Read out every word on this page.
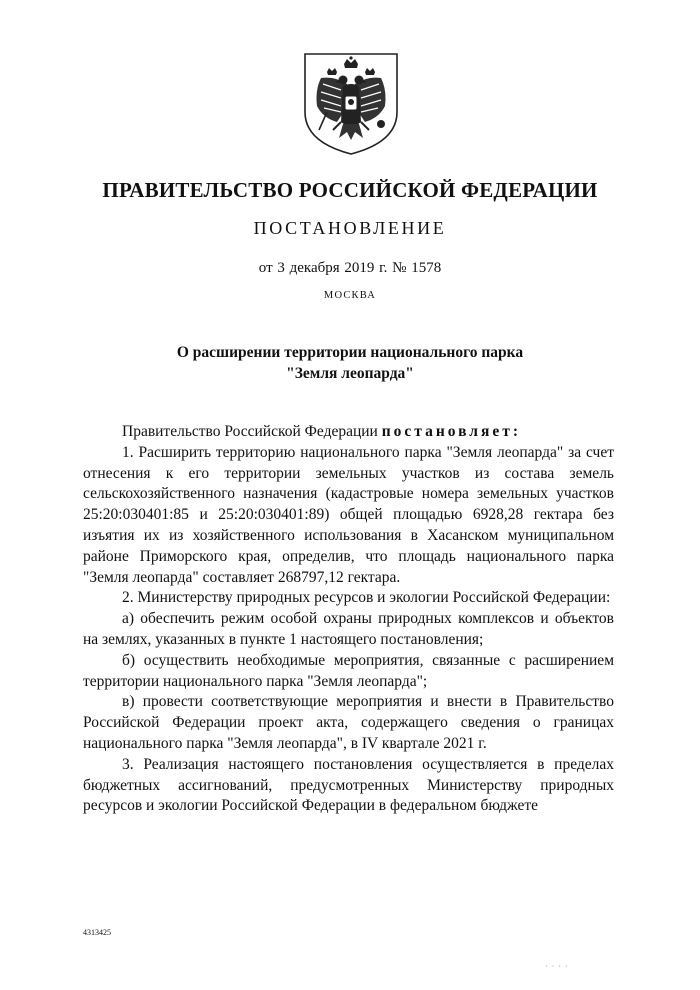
ПРАВИТЕЛЬСТВО РОССИЙСКОЙ ФЕДЕРАЦИИ
ПОСТАНОВЛЕНИЕ
от 3 декабря 2019 г. № 1578
МОСКВА
О расширении территории национального парка
"Земля леопарда"

Правительство Российской Федерации постановляет:

1. Расширить территорию национального парка "Земля леопарда" за счет отнесения к его территории земельных участков из состава земель сельскохозяйственного назначения (кадастровые номера земельных участков 25:20:030401:85 и 25:20:030401:89) общей площадью 6928,28 гектара без изъятия их из хозяйственного использования в Хасанском муниципальном районе Приморского края, определив, что площадь национального парка "Земля леопарда" составляет 268797,12 гектара.

2. Министерству природных ресурсов и экологии Российской Федерации:

а) обеспечить режим особой охраны природных комплексов и объектов на землях, указанных в пункте 1 настоящего постановления;

б) осуществить необходимые мероприятия, связанные с расширением территории национального парка "Земля леопарда";

в) провести соответствующие мероприятия и внести в Правительство Российской Федерации проект акта, содержащего сведения о границах национального парка "Земля леопарда", в IV квартале 2021 г.

3. Реализация настоящего постановления осуществляется в пределах бюджетных ассигнований, предусмотренных Министерству природных ресурсов и экологии Российской Федерации в федеральном бюджете

4313425
· · · ·
